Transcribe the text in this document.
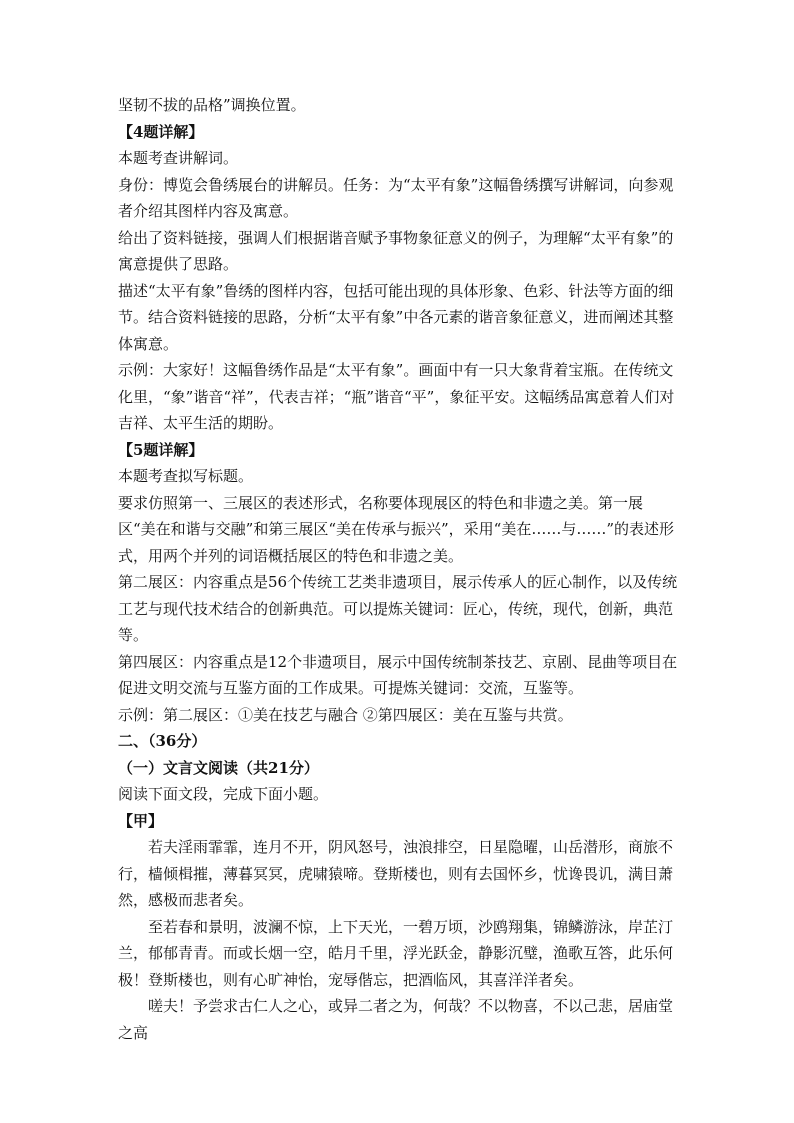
坚韧不拔的品格”调换位置。

【4题详解】

本题考查讲解词。

身份：博览会鲁绣展台的讲解员。任务：为“太平有象”这幅鲁绣撰写讲解词，向参观者介绍其图样内容及寓意。

给出了资料链接，强调人们根据谐音赋予事物象征意义的例子，为理解“太平有象”的寓意提供了思路。

描述“太平有象”鲁绣的图样内容，包括可能出现的具体形象、色彩、针法等方面的细节。结合资料链接的思路，分析“太平有象”中各元素的谐音象征意义，进而阐述其整体寓意。

示例：大家好！这幅鲁绣作品是“太平有象”。画面中有一只大象背着宝瓶。在传统文化里，“象”谐音“祥”，代表吉祥；“瓶”谐音“平”，象征平安。这幅绣品寓意着人们对吉祥、太平生活的期盼。

【5题详解】

本题考查拟写标题。

要求仿照第一、三展区的表述形式，名称要体现展区的特色和非遗之美。第一展区“美在和谐与交融”和第三展区“美在传承与振兴”，采用“美在……与……”的表述形式，用两个并列的词语概括展区的特色和非遗之美。

第二展区：内容重点是56个传统工艺类非遗项目，展示传承人的匠心制作，以及传统工艺与现代技术结合的创新典范。可以提炼关键词：匠心，传统，现代，创新，典范等。

第四展区：内容重点是12个非遗项目，展示中国传统制茶技艺、京剧、昆曲等项目在促进文明交流与互鉴方面的工作成果。可提炼关键词：交流，互鉴等。

示例：第二展区：①美在技艺与融合 ②第四展区：美在互鉴与共赏。

二、（36分）

（一）文言文阅读（共21分）

阅读下面文段，完成下面小题。

【甲】

若夫淫雨霏霏，连月不开，阴风怒号，浊浪排空，日星隐曜，山岳潜形，商旅不行，樯倾楫摧，薄暮冥冥，虎啸猿啼。登斯楼也，则有去国怀乡，忧谗畏讥，满目萧然，感极而悲者矣。

至若春和景明，波澜不惊，上下天光，一碧万顷，沙鸥翔集，锦鳞游泳，岸芷汀兰，郁郁青青。而或长烟一空，皓月千里，浮光跃金，静影沉璧，渔歌互答，此乐何极！登斯楼也，则有心旷神怡，宠辱偕忘，把酒临风，其喜洋洋者矣。

嗟夫！予尝求古仁人之心，或异二者之为，何哉？不以物喜，不以己悲，居庙堂之高
